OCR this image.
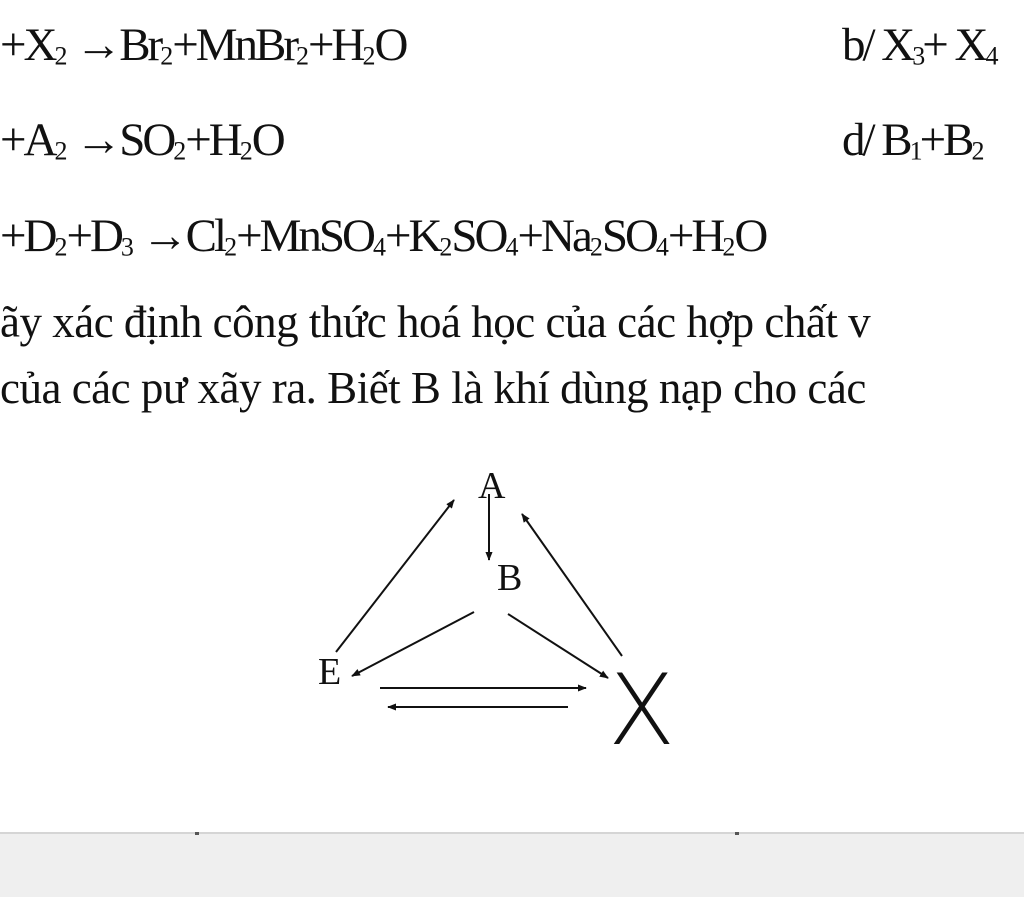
$+X_2$ $\to Br_2+MnBr_2+H_2O$	b/ $X_3+ X_4$
$+A_2 \to SO_2+H_2O$	d/ $B_1+B_2$
$+D_2+D_3$ $\to Cl_2+MnSO_4+K_2SO_4+Na_2SO_4+H_2O$
ãy xác định công thức hoá học của các hợp chất v
của các pư xãy ra. Biết B là khí dùng nạp cho các
A
B
E	X
